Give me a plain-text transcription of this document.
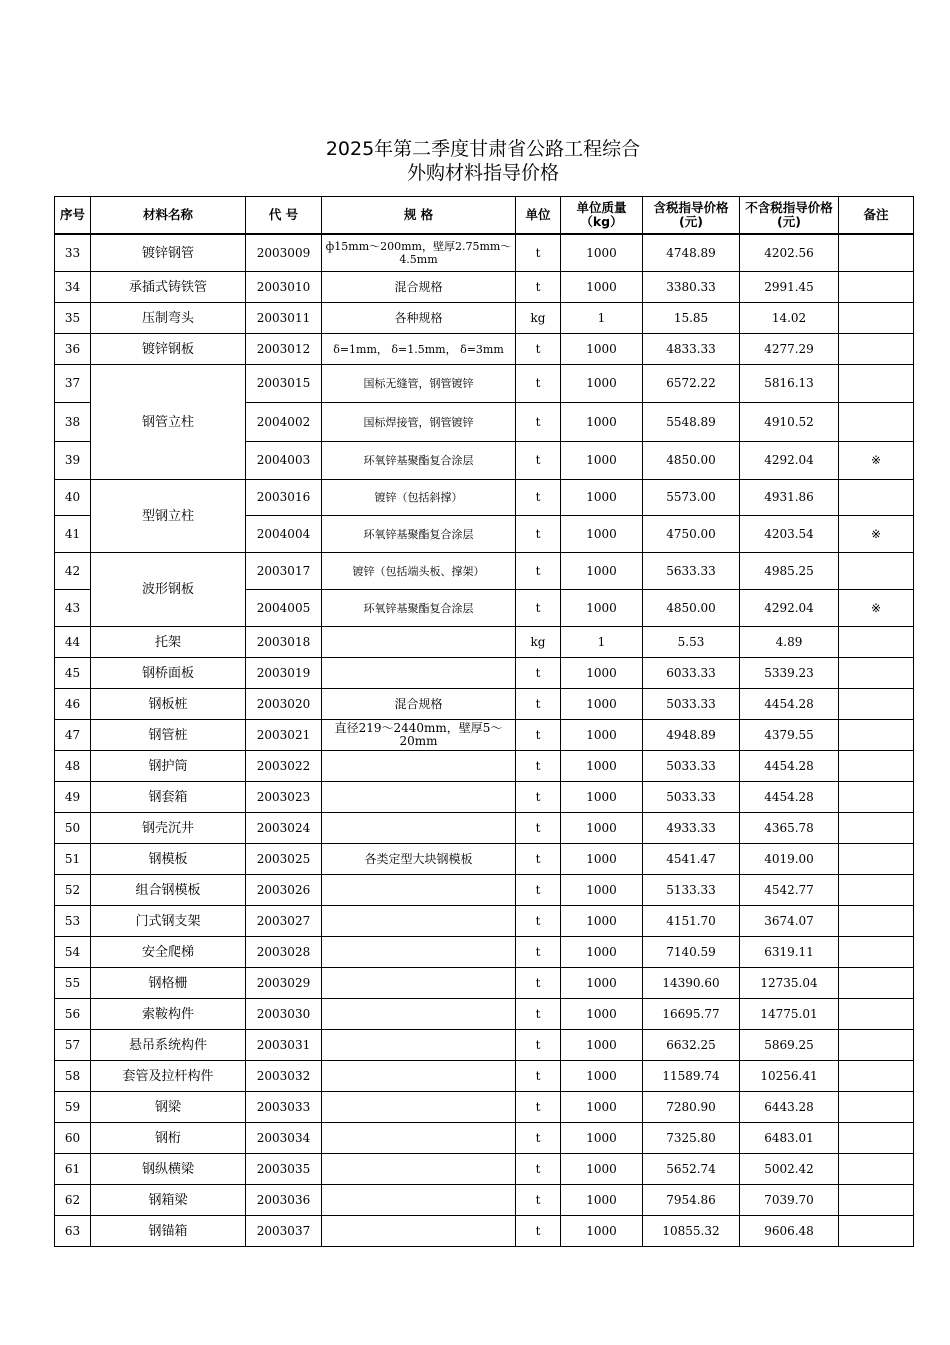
2025年第二季度甘肃省公路工程综合
外购材料指导价格
序号	材料名称	代 号	规 格	单位	单位质量（kg）	含税指导价格(元)	不含税指导价格(元)	备注
33	镀锌钢管	2003009	ф15mm～200mm，壁厚2.75mm～4.5mm	t	1000	4748.89	4202.56	
34	承插式铸铁管	2003010	混合规格	t	1000	3380.33	2991.45	
35	压制弯头	2003011	各种规格	kg	1	15.85	14.02	
36	镀锌钢板	2003012	δ=1mm， δ=1.5mm， δ=3mm	t	1000	4833.33	4277.29	
37	钢管立柱	2003015	国标无缝管，钢管镀锌	t	1000	6572.22	5816.13	
38		2004002	国标焊接管，钢管镀锌	t	1000	5548.89	4910.52	
39		2004003	环氧锌基聚酯复合涂层	t	1000	4850.00	4292.04	※
40	型钢立柱	2003016	镀锌（包括斜撑）	t	1000	5573.00	4931.86	
41		2004004	环氧锌基聚酯复合涂层	t	1000	4750.00	4203.54	※
42	波形钢板	2003017	镀锌（包括端头板、撑架）	t	1000	5633.33	4985.25	
43		2004005	环氧锌基聚酯复合涂层	t	1000	4850.00	4292.04	※
44	托架	2003018		kg	1	5.53	4.89	
45	钢桥面板	2003019		t	1000	6033.33	5339.23	
46	钢板桩	2003020	混合规格	t	1000	5033.33	4454.28	
47	钢管桩	2003021	直径219～2440mm，壁厚5～20mm	t	1000	4948.89	4379.55	
48	钢护筒	2003022		t	1000	5033.33	4454.28	
49	钢套箱	2003023		t	1000	5033.33	4454.28	
50	钢壳沉井	2003024		t	1000	4933.33	4365.78	
51	钢模板	2003025	各类定型大块钢模板	t	1000	4541.47	4019.00	
52	组合钢模板	2003026		t	1000	5133.33	4542.77	
53	门式钢支架	2003027		t	1000	4151.70	3674.07	
54	安全爬梯	2003028		t	1000	7140.59	6319.11	
55	钢格栅	2003029		t	1000	14390.60	12735.04	
56	索鞍构件	2003030		t	1000	16695.77	14775.01	
57	悬吊系统构件	2003031		t	1000	6632.25	5869.25	
58	套管及拉杆构件	2003032		t	1000	11589.74	10256.41	
59	钢梁	2003033		t	1000	7280.90	6443.28	
60	钢桁	2003034		t	1000	7325.80	6483.01	
61	钢纵横梁	2003035		t	1000	5652.74	5002.42	
62	钢箱梁	2003036		t	1000	7954.86	7039.70	
63	钢锚箱	2003037		t	1000	10855.32	9606.48	
